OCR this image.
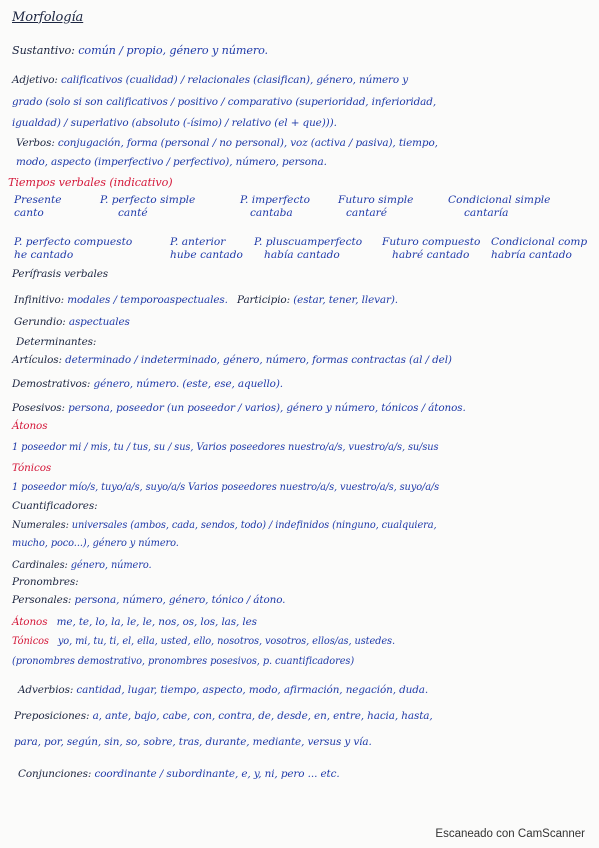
Morfología
Sustantivo: común / propio, género y número.
Adjetivo: calificativos (cualidad) / relacionales (clasifican), género, número y
grado (solo si son calificativos / positivo / comparativo (superioridad, inferioridad,
igualdad) / superlativo (absoluto (-ísimo) / relativo (el + que))).
Verbos: conjugación, forma (personal / no personal), voz (activa / pasiva), tiempo,
modo, aspecto (imperfectivo / perfectivo), número, persona.
Tiempos verbales (indicativo)
Presente
canto
P. perfecto simple
canté
P. imperfecto
cantaba
Futuro simple
cantaré
Condicional simple
cantaría
P. perfecto compuesto
he cantado
P. anterior
hube cantado
P. pluscuamperfecto
había cantado
Futuro compuesto
habré cantado
Condicional comp
habría cantado
Perífrasis verbales
Infinitivo: modales / temporoaspectuales. Participio: (estar, tener, llevar).
Gerundio: aspectuales
Determinantes:
Artículos: determinado / indeterminado, género, número, formas contractas (al / del)
Demostrativos: género, número. (este, ese, aquello).
Posesivos: persona, poseedor (un poseedor / varios), género y número, tónicos / átonos.
Átonos
1 poseedor mi / mis, tu / tus, su / sus, Varios poseedores nuestro/a/s, vuestro/a/s, su/sus
Tónicos
1 poseedor mío/s, tuyo/a/s, suyo/a/s Varios poseedores nuestro/a/s, vuestro/a/s, suyo/a/s
Cuantificadores:
Numerales: universales (ambos, cada, sendos, todo) / indefinidos (ninguno, cualquiera,
mucho, poco...), género y número.
Cardinales: género, número.
Pronombres:
Personales: persona, número, género, tónico / átono.
Átonos me, te, lo, la, le, le, nos, os, los, las, les
Tónicos yo, mi, tu, ti, el, ella, usted, ello, nosotros, vosotros, ellos/as, ustedes.
(pronombres demostrativo, pronombres posesivos, p. cuantificadores)
Adverbios: cantidad, lugar, tiempo, aspecto, modo, afirmación, negación, duda.
Preposiciones: a, ante, bajo, cabe, con, contra, de, desde, en, entre, hacia, hasta,
para, por, según, sin, so, sobre, tras, durante, mediante, versus y vía.
Conjunciones: coordinante / subordinante, e, y, ni, pero ... etc.
Escaneado con CamScanner
